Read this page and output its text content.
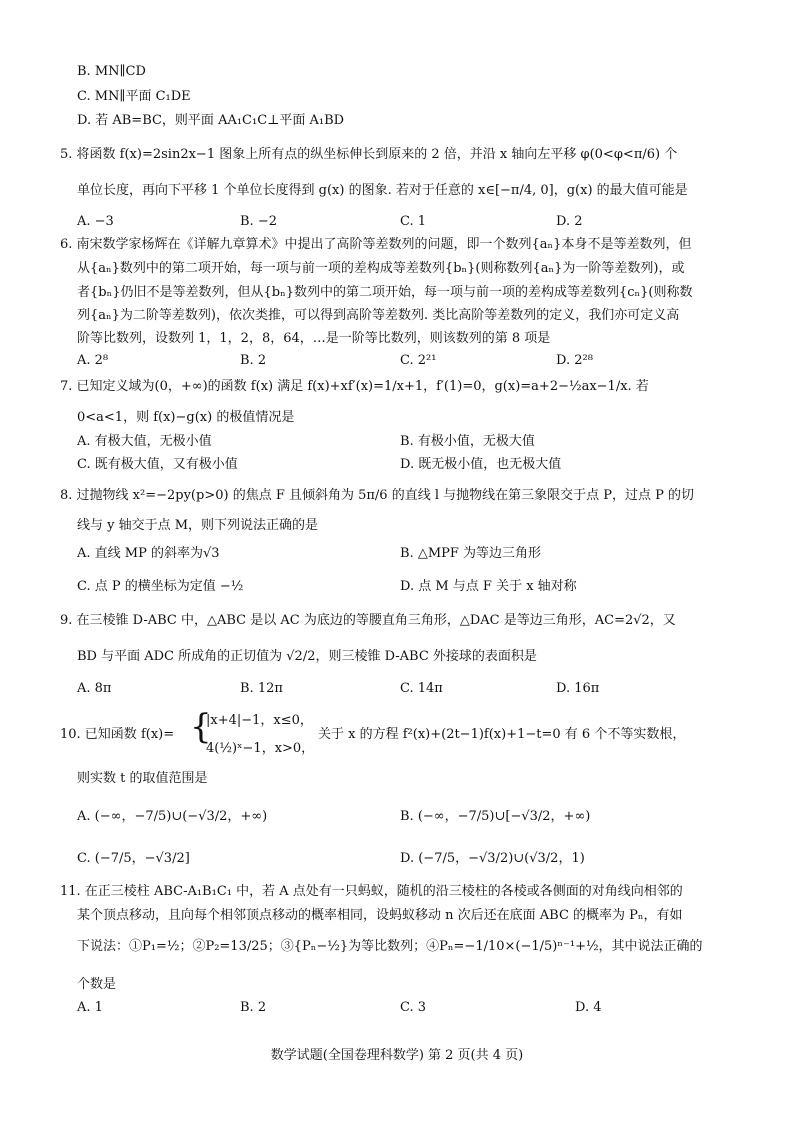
B. MN∥CD
C. MN∥平面 C₁DE
D. 若 AB=BC，则平面 AA₁C₁C⊥平面 A₁BD
5. 将函数 f(x)=2sin2x−1 图象上所有点的纵坐标伸长到原来的 2 倍，并沿 x 轴向左平移 φ(0<φ<π/6) 个
单位长度，再向下平移 1 个单位长度得到 g(x) 的图象. 若对于任意的 x∈[−π/4, 0]，g(x) 的最大值可能是
A. −3	B. −2	C. 1	D. 2
6. 南宋数学家杨辉在《详解九章算术》中提出了高阶等差数列的问题，即一个数列{aₙ}本身不是等差数列，但
从{aₙ}数列中的第二项开始，每一项与前一项的差构成等差数列{bₙ}(则称数列{aₙ}为一阶等差数列)，或
者{bₙ}仍旧不是等差数列，但从{bₙ}数列中的第二项开始，每一项与前一项的差构成等差数列{cₙ}(则称数
列{aₙ}为二阶等差数列)，依次类推，可以得到高阶等差数列. 类比高阶等差数列的定义，我们亦可定义高
阶等比数列，设数列 1，1，2，8，64，…是一阶等比数列，则该数列的第 8 项是
A. 2⁸	B. 2	C. 2²¹	D. 2²⁸
7. 已知定义域为(0，+∞)的函数 f(x) 满足 f(x)+xf′(x)=1/x+1，f′(1)=0，g(x)=a+2−½ax−1/x. 若
0<a<1，则 f(x)−g(x) 的极值情况是
A. 有极大值，无极小值	B. 有极小值，无极大值
C. 既有极大值，又有极小值	D. 既无极小值，也无极大值
8. 过抛物线 x²=−2py(p>0) 的焦点 F 且倾斜角为 5π/6 的直线 l 与抛物线在第三象限交于点 P，过点 P 的切
线与 y 轴交于点 M，则下列说法正确的是
A. 直线 MP 的斜率为√3	B. △MPF 为等边三角形
C. 点 P 的横坐标为定值 −½	D. 点 M 与点 F 关于 x 轴对称
9. 在三棱锥 D-ABC 中，△ABC 是以 AC 为底边的等腰直角三角形，△DAC 是等边三角形，AC=2√2，又
BD 与平面 ADC 所成角的正切值为 √2/2，则三棱锥 D-ABC 外接球的表面积是
A. 8π	B. 12π	C. 14π	D. 16π
10. 已知函数 f(x)= {
|x+4|−1，x≤0，
4(½)ˣ−1，x>0，
关于 x 的方程 f²(x)+(2t−1)f(x)+1−t=0 有 6 个不等实数根，
则实数 t 的取值范围是
A. (−∞，−7/5)∪(−√3/2，+∞)	B. (−∞，−7/5)∪[−√3/2，+∞)
C. (−7/5，−√3/2]	D. (−7/5，−√3/2)∪(√3/2，1)
11. 在正三棱柱 ABC-A₁B₁C₁ 中，若 A 点处有一只蚂蚁，随机的沿三棱柱的各棱或各侧面的对角线向相邻的
某个顶点移动，且向每个相邻顶点移动的概率相同，设蚂蚁移动 n 次后还在底面 ABC 的概率为 Pₙ，有如
下说法：①P₁=½；②P₂=13/25；③{Pₙ−½}为等比数列；④Pₙ=−1/10×(−1/5)ⁿ⁻¹+½，其中说法正确的
个数是
A. 1	B. 2	C. 3	D. 4
数学试题(全国卷理科数学) 第 2 页(共 4 页)
